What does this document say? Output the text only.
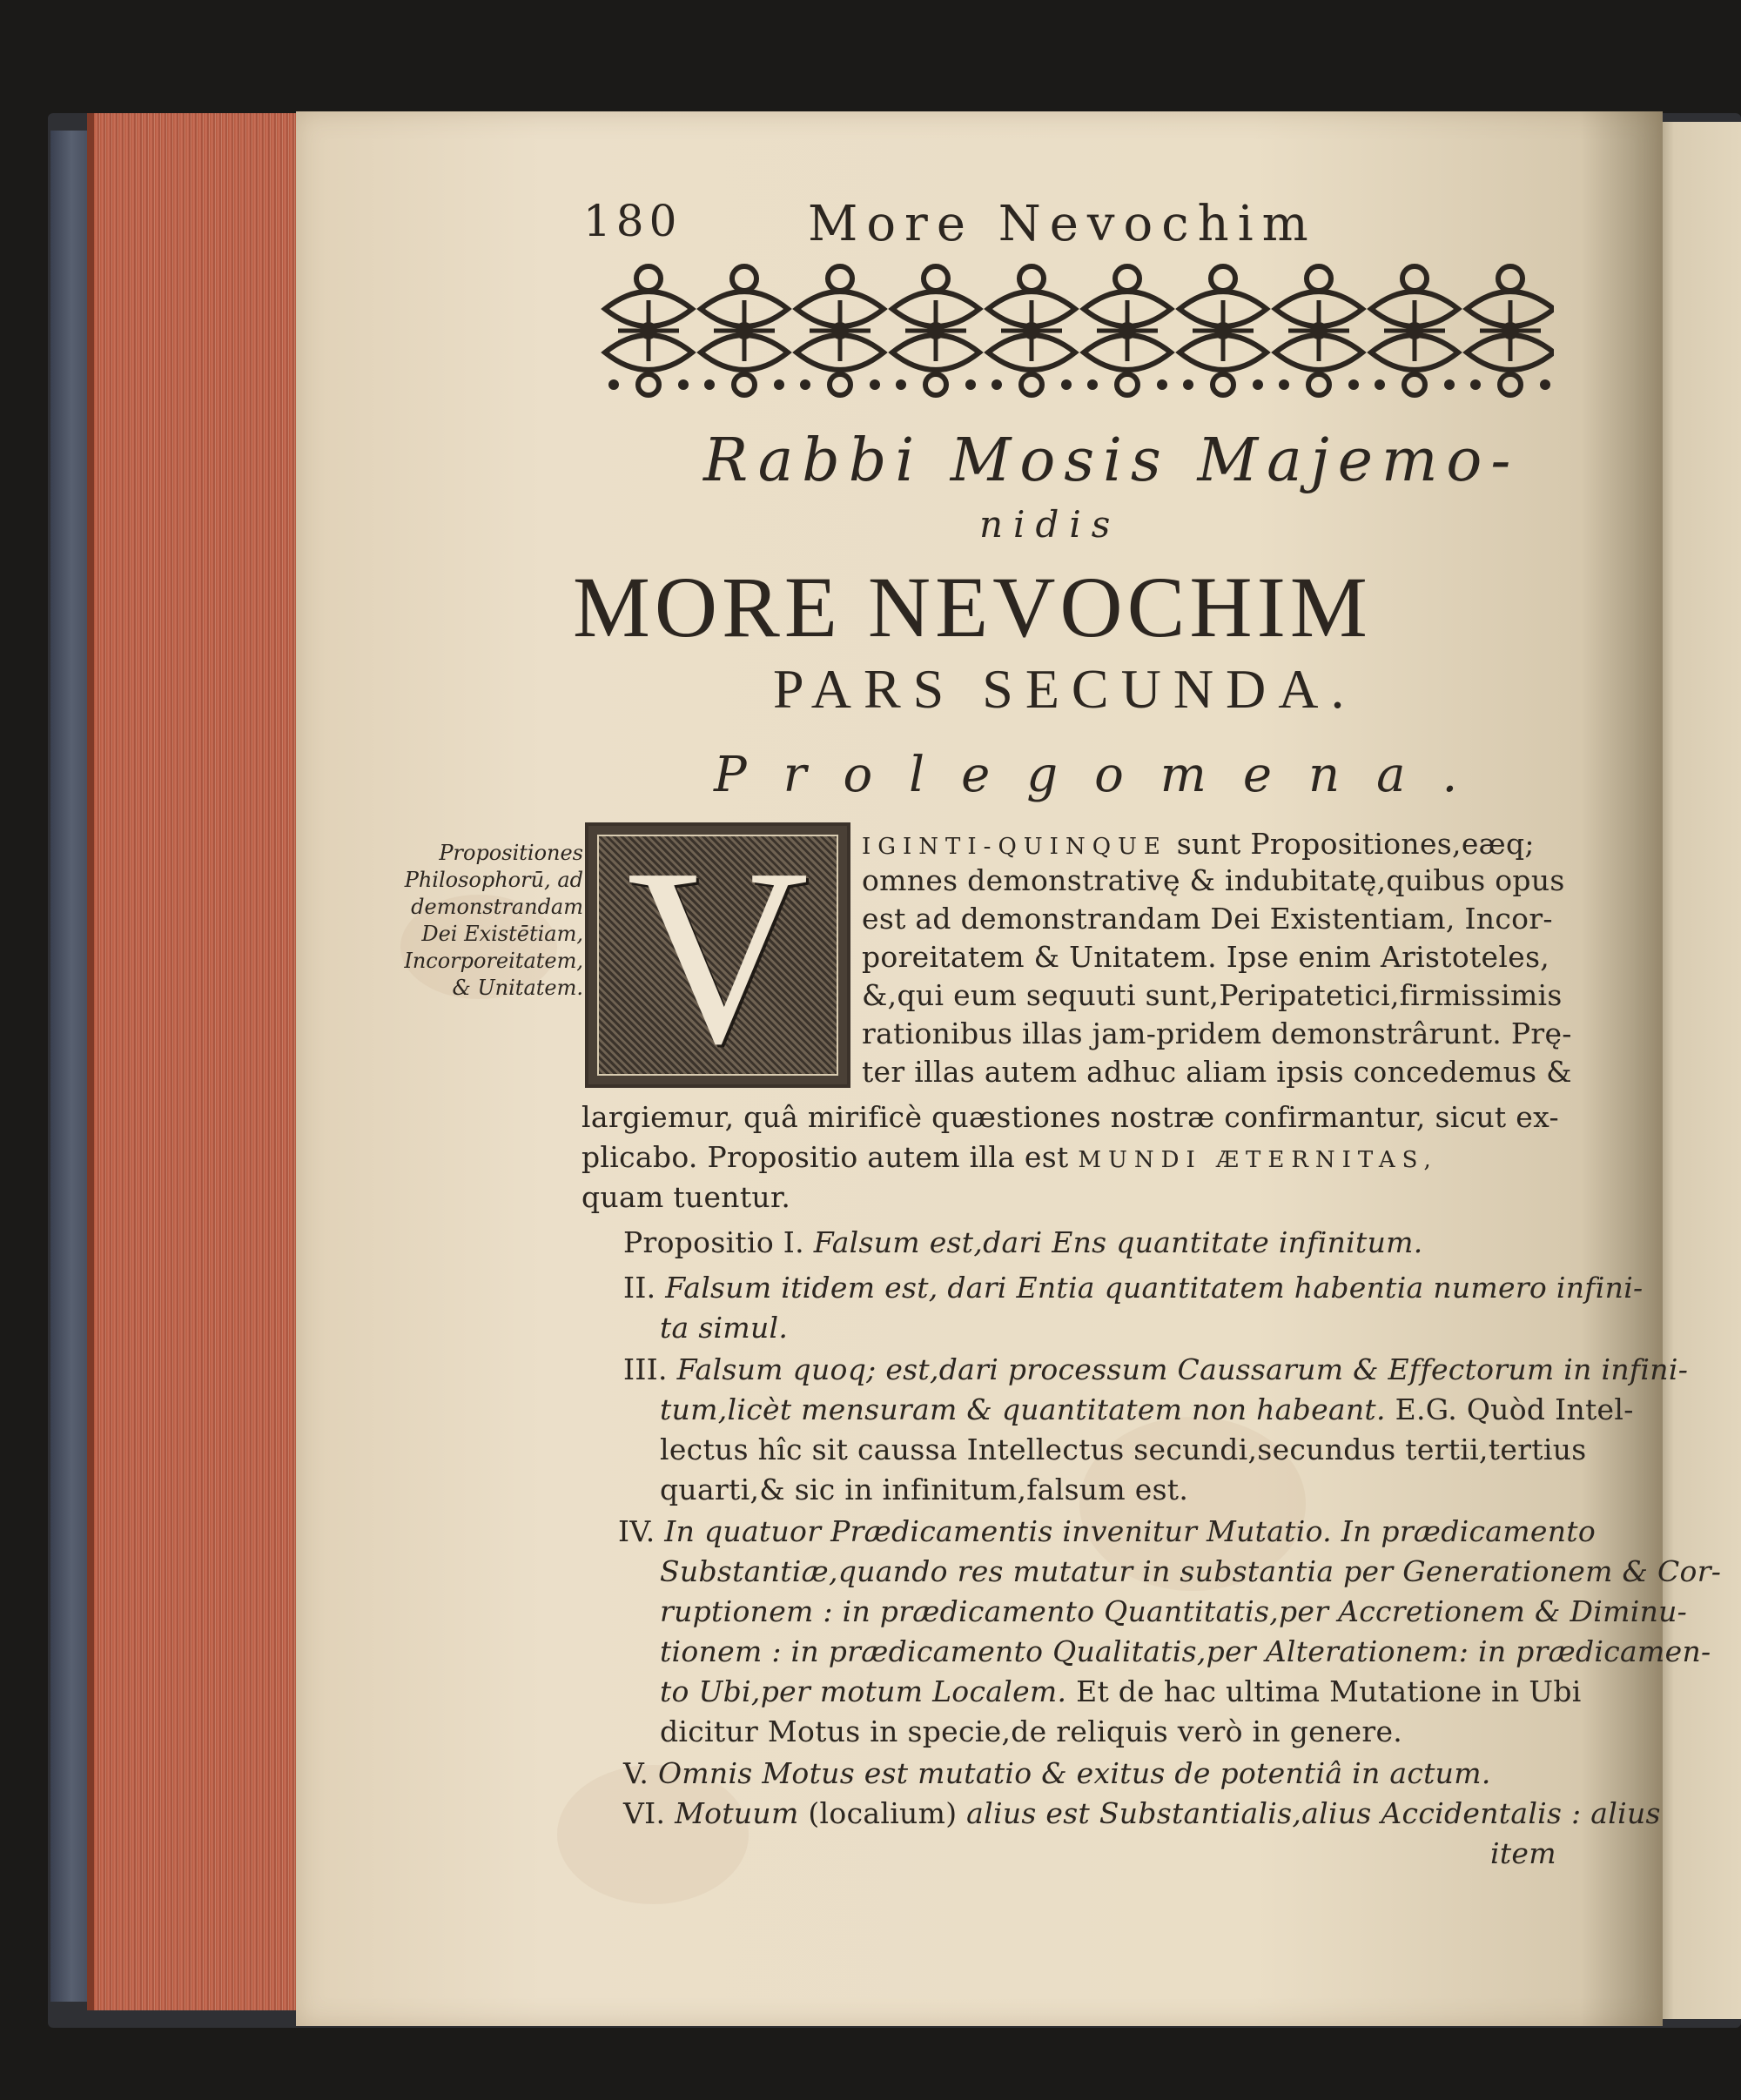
180	More Nevochim
Rabbi Mosis Majemo-
nidis
MORE NEVOCHIM
PARS SECUNDA.
Prolegomena.
Propositiones
Philosophorū, ad
demonstrandam
Dei Existētiam,
Incorporeitatem,
& Unitatem. V	IGINTI-QUINQUE sunt Propositiones,eæq;
omnes demonstrativę & indubitatę,quibus opus
est ad demonstrandam Dei Existentiam, Incor-
poreitatem & Unitatem. Ipse enim Aristoteles,
&,qui eum sequuti sunt,Peripatetici,firmissimis
rationibus illas jam-pridem demonstrârunt. Prę-
ter illas autem adhuc aliam ipsis concedemus &
largiemur, quâ mirificè quæstiones nostræ confirmantur, sicut ex-
plicabo. Propositio autem illa est MUNDI ÆTERNITAS,
quam tuentur.
Propositio I. Falsum est,dari Ens quantitate infinitum.
II. Falsum itidem est, dari Entia quantitatem habentia numero infini-
ta simul.
III. Falsum quoq; est,dari processum Caussarum & Effectorum in infini-
tum,licèt mensuram & quantitatem non habeant. E.G. Quòd Intel-
lectus hîc sit caussa Intellectus secundi,secundus tertii,tertius
quarti,& sic in infinitum,falsum est.
IV. In quatuor Prædicamentis invenitur Mutatio. In prædicamento
Substantiæ,quando res mutatur in substantia per Generationem & Cor-
ruptionem : in prædicamento Quantitatis,per Accretionem & Diminu-
tionem : in prædicamento Qualitatis,per Alterationem: in prædicamen-
to Ubi,per motum Localem. Et de hac ultima Mutatione in Ubi
dicitur Motus in specie,de reliquis verò in genere.
V. Omnis Motus est mutatio & exitus de potentiâ in actum.
VI. Motuum (localium) alius est Substantialis,alius Accidentalis : alius
item
